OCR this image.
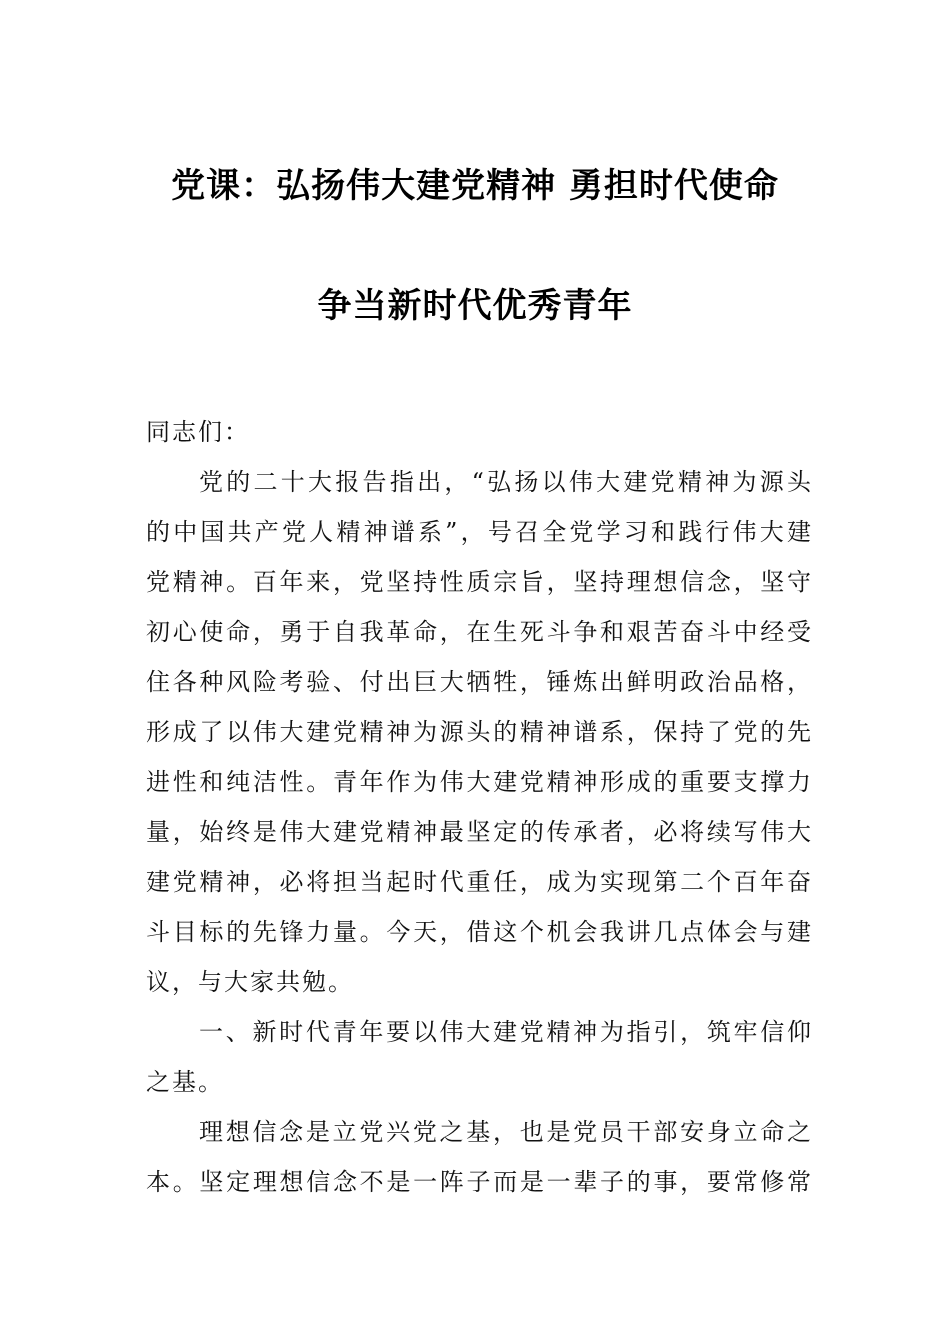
党课：弘扬伟大建党精神 勇担时代使命
争当新时代优秀青年
同志们：
党的二十大报告指出，“弘扬以伟大建党精神为源头
的中国共产党人精神谱系”，号召全党学习和践行伟大建
党精神。百年来，党坚持性质宗旨，坚持理想信念，坚守
初心使命，勇于自我革命，在生死斗争和艰苦奋斗中经受
住各种风险考验、付出巨大牺牲，锤炼出鲜明政治品格，
形成了以伟大建党精神为源头的精神谱系，保持了党的先
进性和纯洁性。青年作为伟大建党精神形成的重要支撑力
量，始终是伟大建党精神最坚定的传承者，必将续写伟大
建党精神，必将担当起时代重任，成为实现第二个百年奋
斗目标的先锋力量。今天，借这个机会我讲几点体会与建
议，与大家共勉。
一、新时代青年要以伟大建党精神为指引，筑牢信仰
之基。
理想信念是立党兴党之基，也是党员干部安身立命之
本。坚定理想信念不是一阵子而是一辈子的事，要常修常
